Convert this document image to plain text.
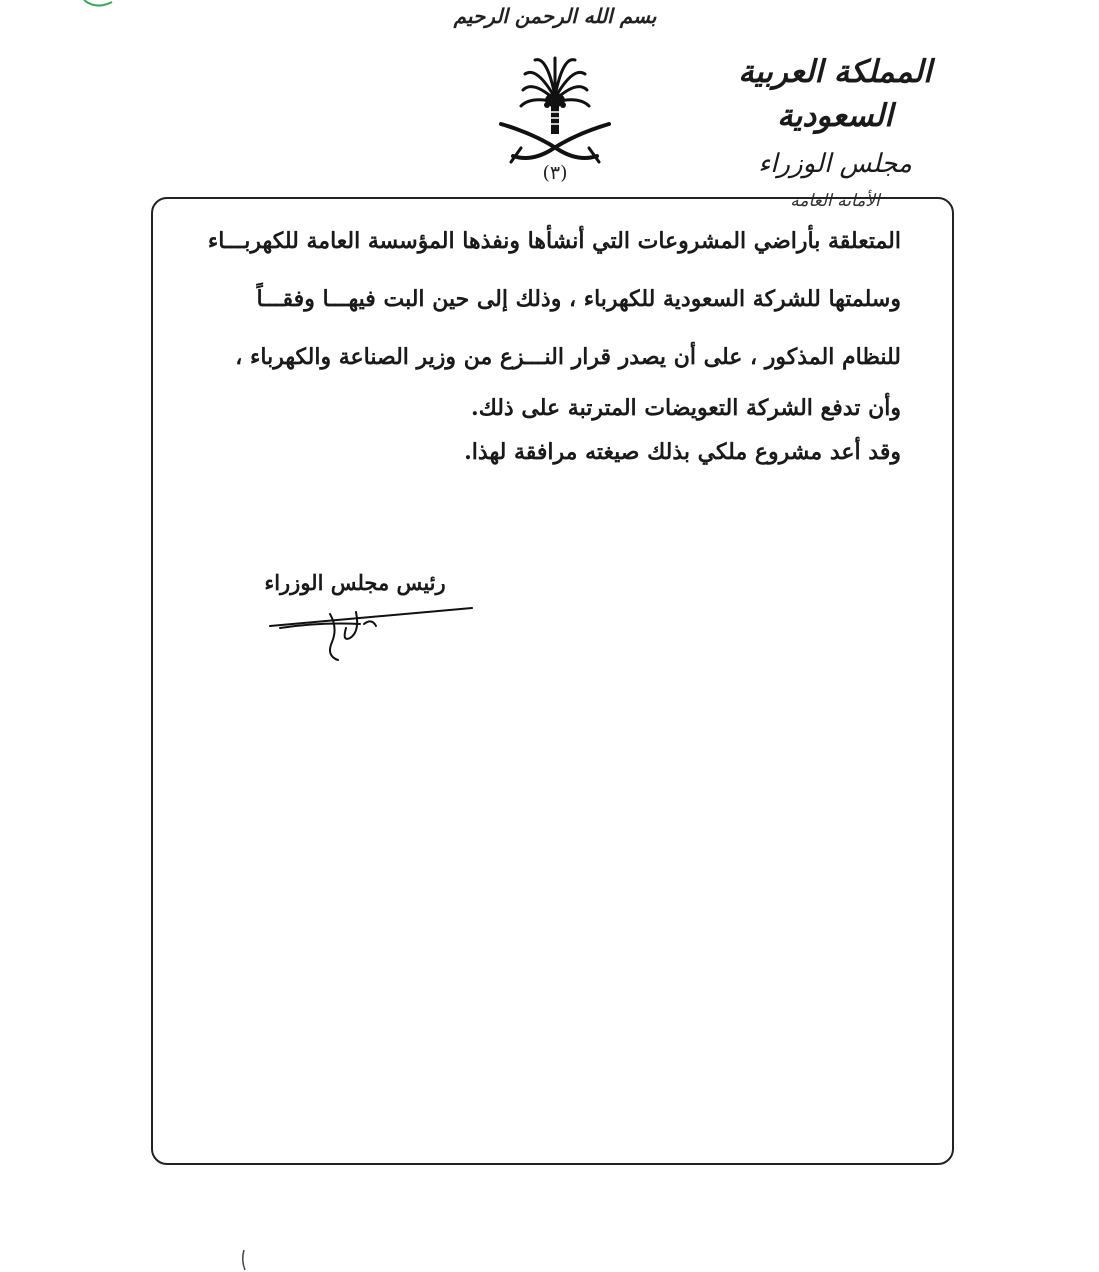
بسم الله الرحمن الرحيم
(٣)
المملكة العربية السعودية
مجلس الوزراء
الأمانة العامة
المتعلقة بأراضي المشروعات التي أنشأها ونفذها المؤسسة العامة للكهربـــاء
وسلمتها للشركة السعودية للكهرباء ، وذلك إلى حين البت فيهـــا وفقـــاً
للنظام المذكور ، على أن يصدر قرار النـــزع من وزير الصناعة والكهرباء ،
وأن تدفع الشركة التعويضات المترتبة على ذلك.
وقد أعد مشروع ملكي بذلك صيغته مرافقة لهذا.
رئيس مجلس الوزراء
